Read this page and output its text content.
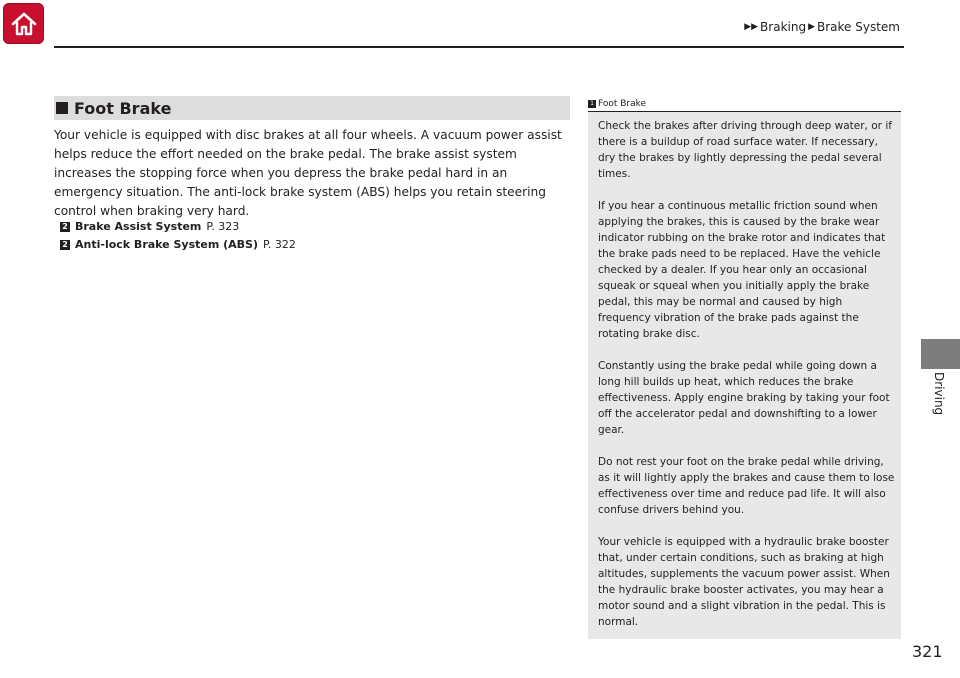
▶▶ Braking ▶ Brake System
Driving
Foot Brake

Your vehicle is equipped with disc brakes at all four wheels. A vacuum power assist helps reduce the effort needed on the brake pedal. The brake assist system increases the stopping force when you depress the brake pedal hard in an emergency situation. The anti-lock brake system (ABS) helps you retain steering control when braking very hard.

2 Brake Assist System P. 323
2 Anti-lock Brake System (ABS) P. 322
1 Foot Brake

Check the brakes after driving through deep water, or if there is a buildup of road surface water. If necessary, dry the brakes by lightly depressing the pedal several times.

If you hear a continuous metallic friction sound when applying the brakes, this is caused by the brake wear indicator rubbing on the brake rotor and indicates that the brake pads need to be replaced. Have the vehicle checked by a dealer. If you hear only an occasional squeak or squeal when you initially apply the brake pedal, this may be normal and caused by high frequency vibration of the brake pads against the rotating brake disc.

Constantly using the brake pedal while going down a long hill builds up heat, which reduces the brake effectiveness. Apply engine braking by taking your foot off the accelerator pedal and downshifting to a lower gear.

Do not rest your foot on the brake pedal while driving, as it will lightly apply the brakes and cause them to lose effectiveness over time and reduce pad life. It will also confuse drivers behind you.

Your vehicle is equipped with a hydraulic brake booster that, under certain conditions, such as braking at high altitudes, supplements the vacuum power assist. When the hydraulic brake booster activates, you may hear a motor sound and a slight vibration in the pedal. This is normal.

321
